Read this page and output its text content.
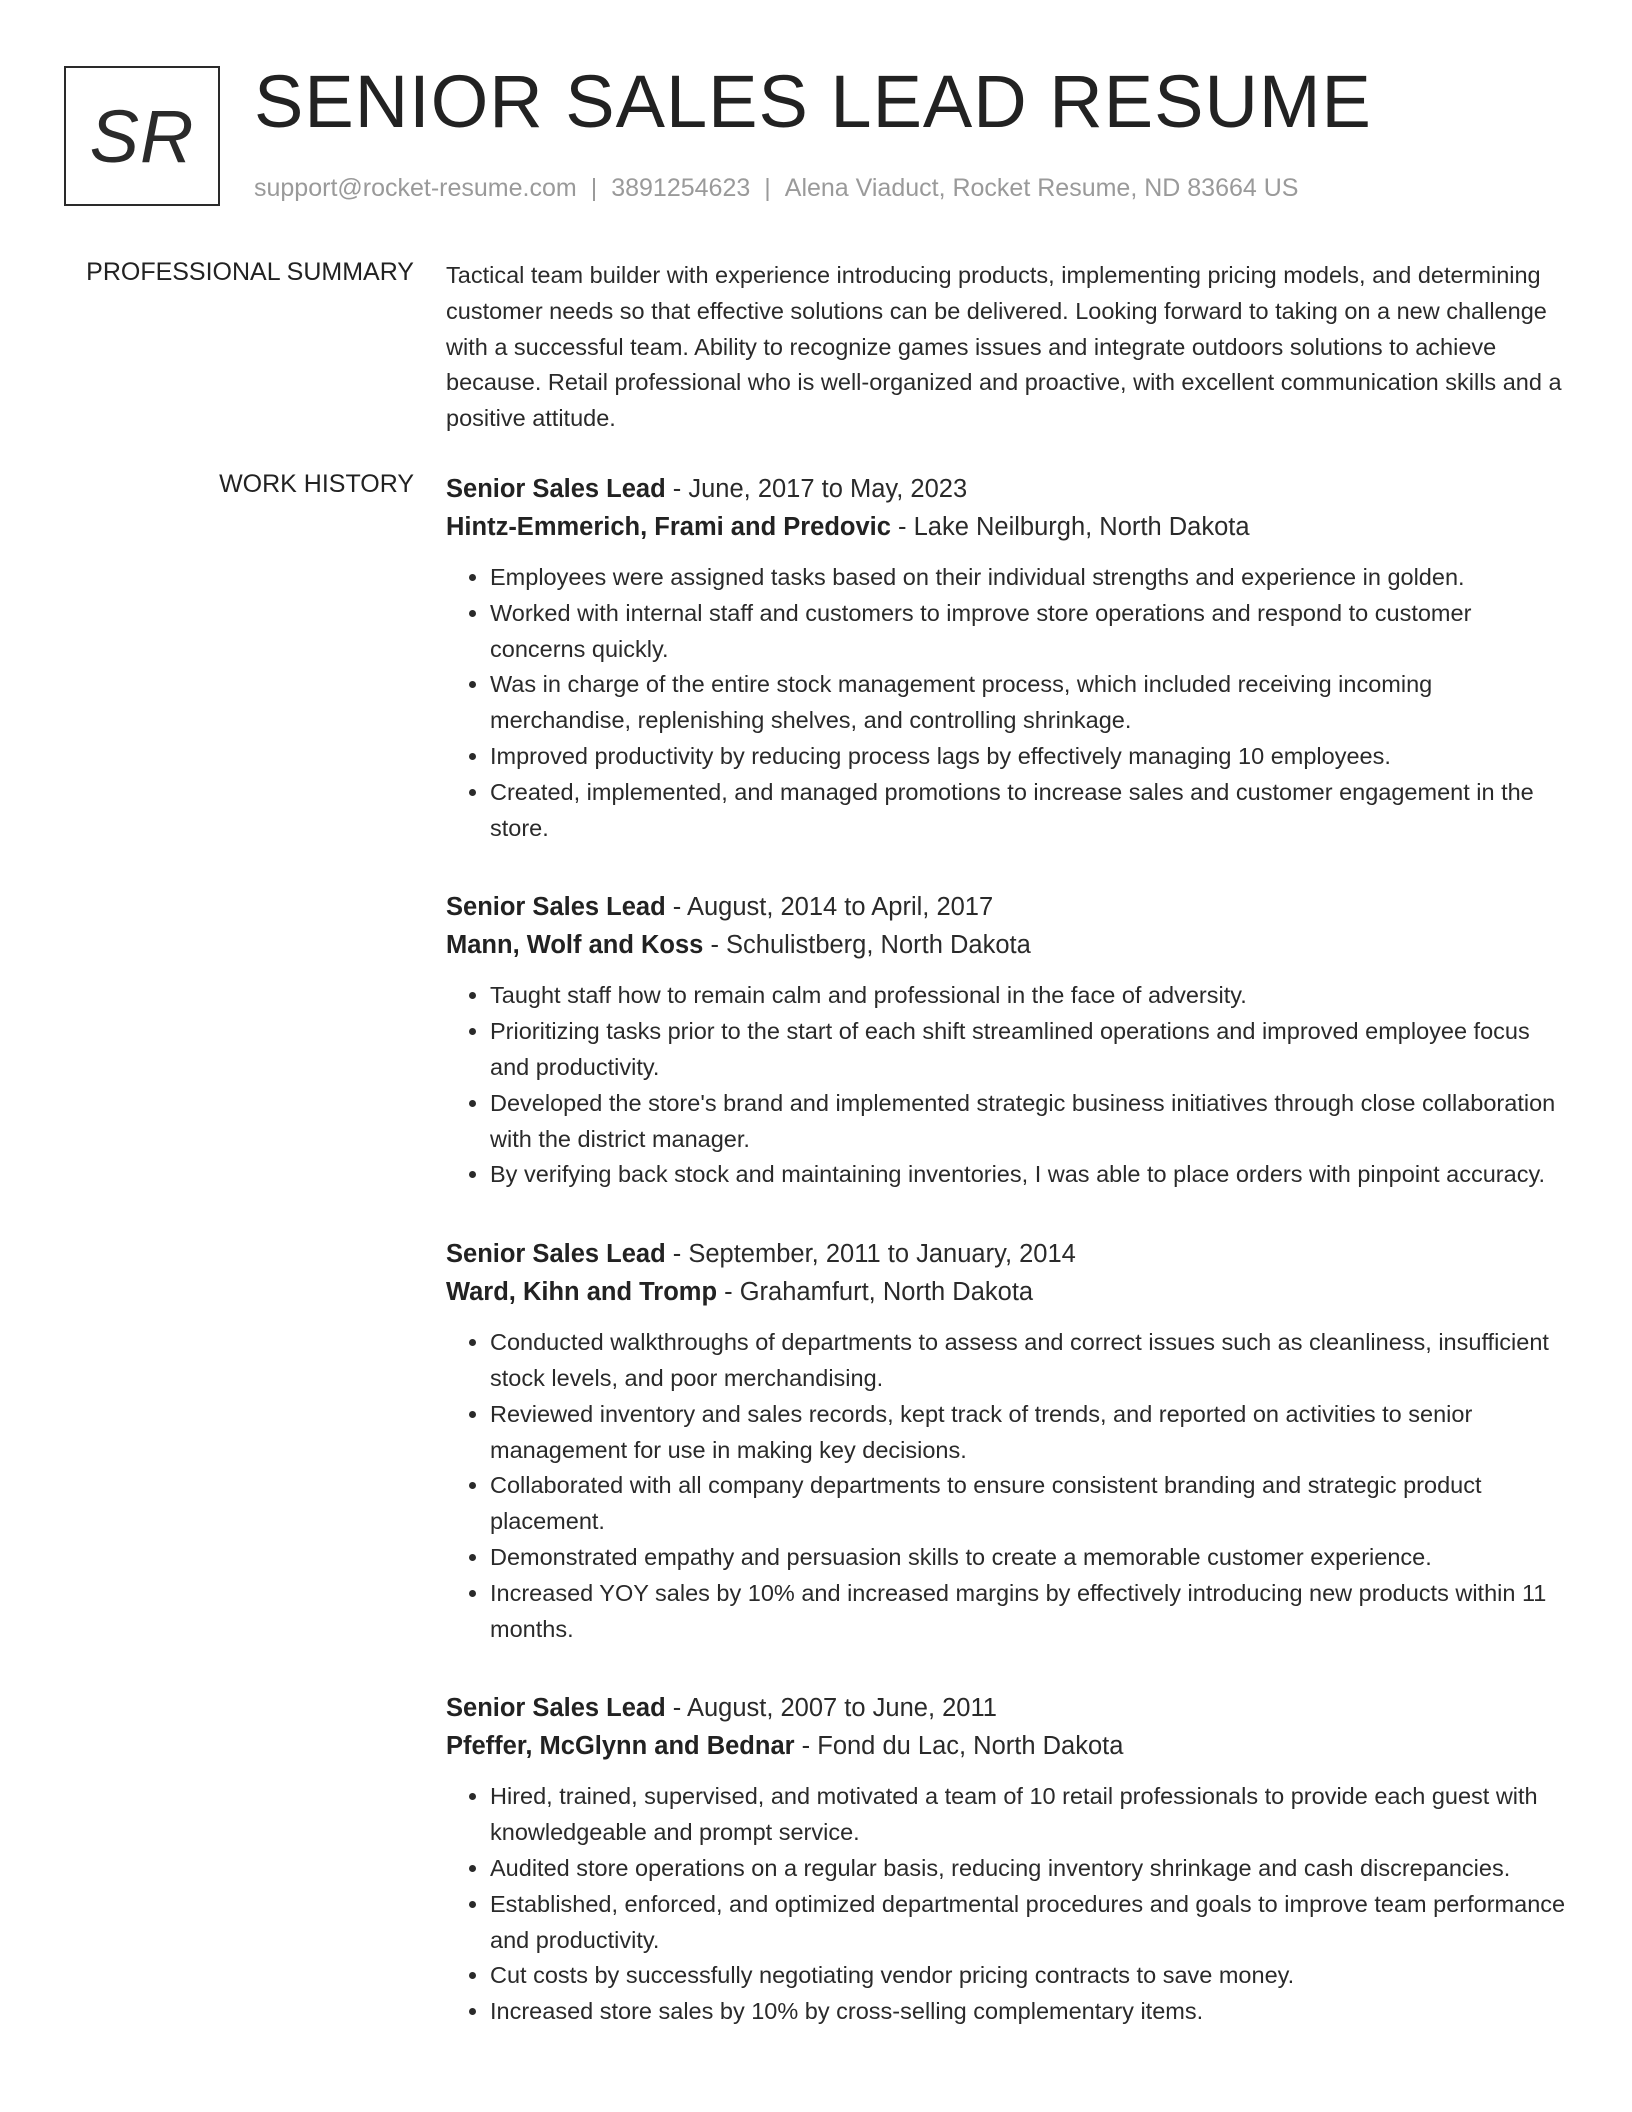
SR SENIOR SALES LEAD RESUME
support@rocket-resume.com | 3891254623 | Alena Viaduct, Rocket Resume, ND 83664 US
PROFESSIONAL SUMMARY Tactical team builder with experience introducing products, implementing pricing models, and determining customer needs so that effective solutions can be delivered. Looking forward to taking on a new challenge with a successful team. Ability to recognize games issues and integrate outdoors solutions to achieve because. Retail professional who is well-organized and proactive, with excellent communication skills and a positive attitude.

WORK HISTORY Senior Sales Lead - June, 2017 to May, 2023
Hintz-Emmerich, Frami and Predovic - Lake Neilburgh, North Dakota
• Employees were assigned tasks based on their individual strengths and experience in golden.
• Worked with internal staff and customers to improve store operations and respond to customer concerns quickly.
• Was in charge of the entire stock management process, which included receiving incoming merchandise, replenishing shelves, and controlling shrinkage.
• Improved productivity by reducing process lags by effectively managing 10 employees.
• Created, implemented, and managed promotions to increase sales and customer engagement in the store.
Senior Sales Lead - August, 2014 to April, 2017
Mann, Wolf and Koss - Schulistberg, North Dakota
• Taught staff how to remain calm and professional in the face of adversity.
• Prioritizing tasks prior to the start of each shift streamlined operations and improved employee focus and productivity.
• Developed the store's brand and implemented strategic business initiatives through close collaboration with the district manager.
• By verifying back stock and maintaining inventories, I was able to place orders with pinpoint accuracy.
Senior Sales Lead - September, 2011 to January, 2014
Ward, Kihn and Tromp - Grahamfurt, North Dakota
• Conducted walkthroughs of departments to assess and correct issues such as cleanliness, insufficient stock levels, and poor merchandising.
• Reviewed inventory and sales records, kept track of trends, and reported on activities to senior management for use in making key decisions.
• Collaborated with all company departments to ensure consistent branding and strategic product placement.
• Demonstrated empathy and persuasion skills to create a memorable customer experience.
• Increased YOY sales by 10% and increased margins by effectively introducing new products within 11 months.
Senior Sales Lead - August, 2007 to June, 2011
Pfeffer, McGlynn and Bednar - Fond du Lac, North Dakota
• Hired, trained, supervised, and motivated a team of 10 retail professionals to provide each guest with knowledgeable and prompt service.
• Audited store operations on a regular basis, reducing inventory shrinkage and cash discrepancies.
• Established, enforced, and optimized departmental procedures and goals to improve team performance and productivity.
• Cut costs by successfully negotiating vendor pricing contracts to save money.
• Increased store sales by 10% by cross-selling complementary items.
